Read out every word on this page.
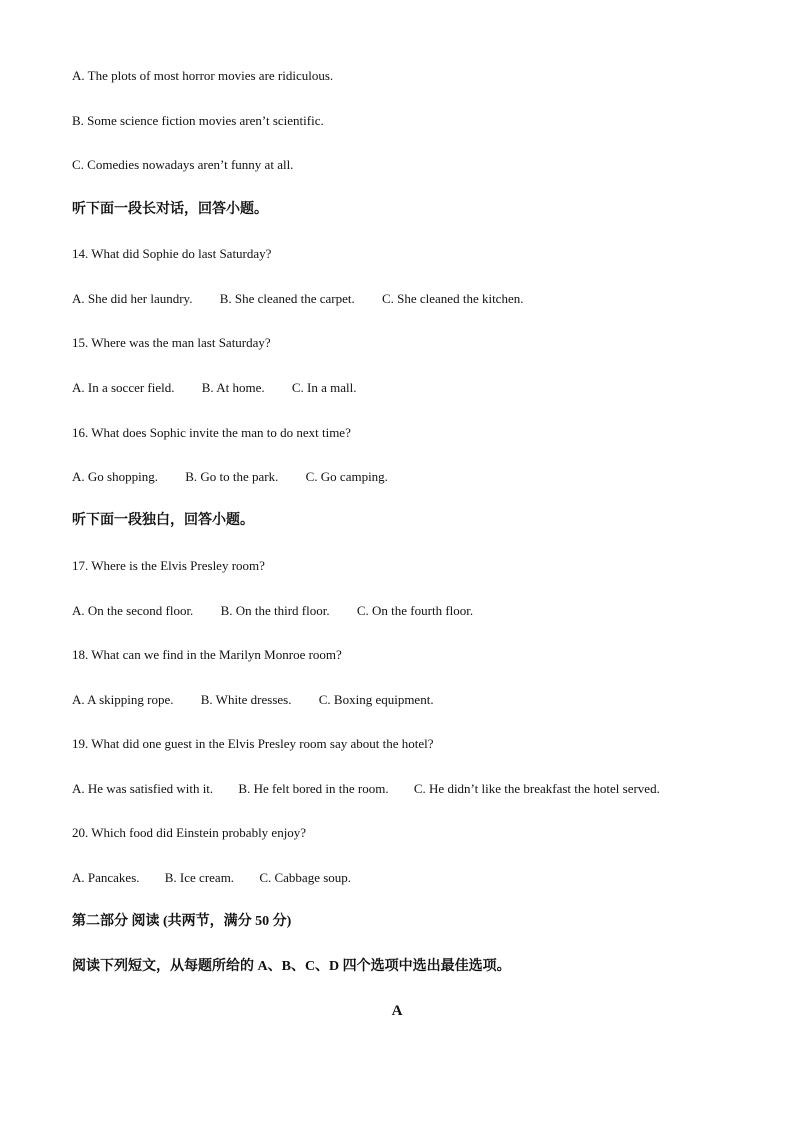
A. The plots of most horror movies are ridiculous.
B. Some science fiction movies aren’t scientific.
C. Comedies nowadays aren’t funny at all.
听下面一段长对话，回答小题。
14. What did Sophie do last Saturday?
A. She did her laundry. B. She cleaned the carpet. C. She cleaned the kitchen.
15. Where was the man last Saturday?
A. In a soccer field. B. At home. C. In a mall.
16. What does Sophic invite the man to do next time?
A. Go shopping. B. Go to the park. C. Go camping.
听下面一段独白，回答小题。
17. Where is the Elvis Presley room?
A. On the second floor. B. On the third floor. C. On the fourth floor.
18. What can we find in the Marilyn Monroe room?
A. A skipping rope. B. White dresses. C. Boxing equipment.
19. What did one guest in the Elvis Presley room say about the hotel?
A. He was satisfied with it. B. He felt bored in the room. C. He didn’t like the breakfast the hotel served.
20. Which food did Einstein probably enjoy?
A. Pancakes. B. Ice cream. C. Cabbage soup.
第二部分 阅读 (共两节，满分 50 分)
阅读下列短文，从每题所给的 A、B、C、D 四个选项中选出最佳选项。
A
